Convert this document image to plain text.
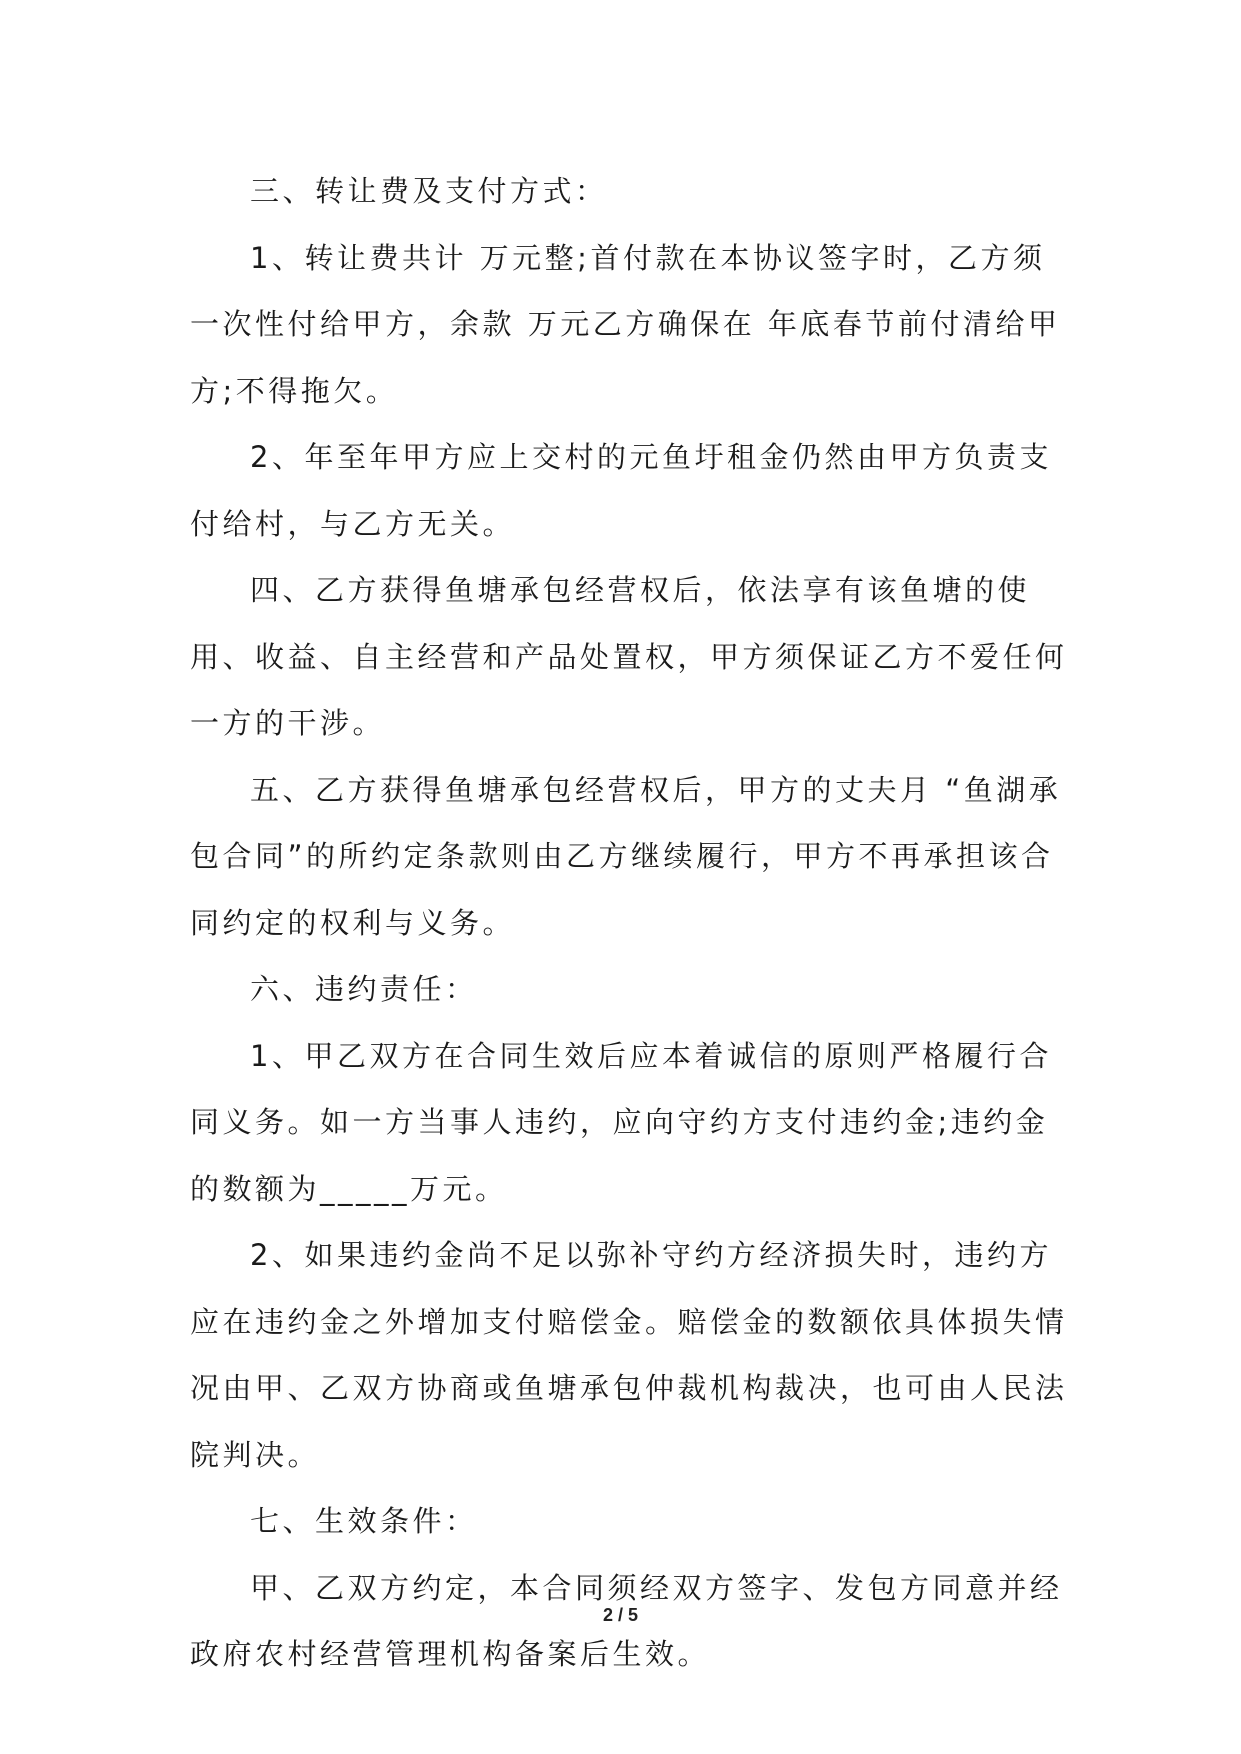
三、转让费及支付方式：

1、转让费共计 万元整;首付款在本协议签字时，乙方须一次性付给甲方，余款 万元乙方确保在 年底春节前付清给甲方;不得拖欠。

2、年至年甲方应上交村的元鱼圩租金仍然由甲方负责支付给村，与乙方无关。

四、乙方获得鱼塘承包经营权后，依法享有该鱼塘的使用、收益、自主经营和产品处置权，甲方须保证乙方不爱任何一方的干涉。

五、乙方获得鱼塘承包经营权后，甲方的丈夫月 “鱼湖承包合同”的所约定条款则由乙方继续履行，甲方不再承担该合同约定的权利与义务。

六、违约责任：

1、甲乙双方在合同生效后应本着诚信的原则严格履行合同义务。如一方当事人违约，应向守约方支付违约金;违约金的数额为_____万元。

2、如果违约金尚不足以弥补守约方经济损失时，违约方应在违约金之外增加支付赔偿金。赔偿金的数额依具体损失情况由甲、乙双方协商或鱼塘承包仲裁机构裁决，也可由人民法院判决。

七、生效条件：

甲、乙双方约定，本合同须经双方签字、发包方同意并经政府农村经营管理机构备案后生效。

2 / 5
